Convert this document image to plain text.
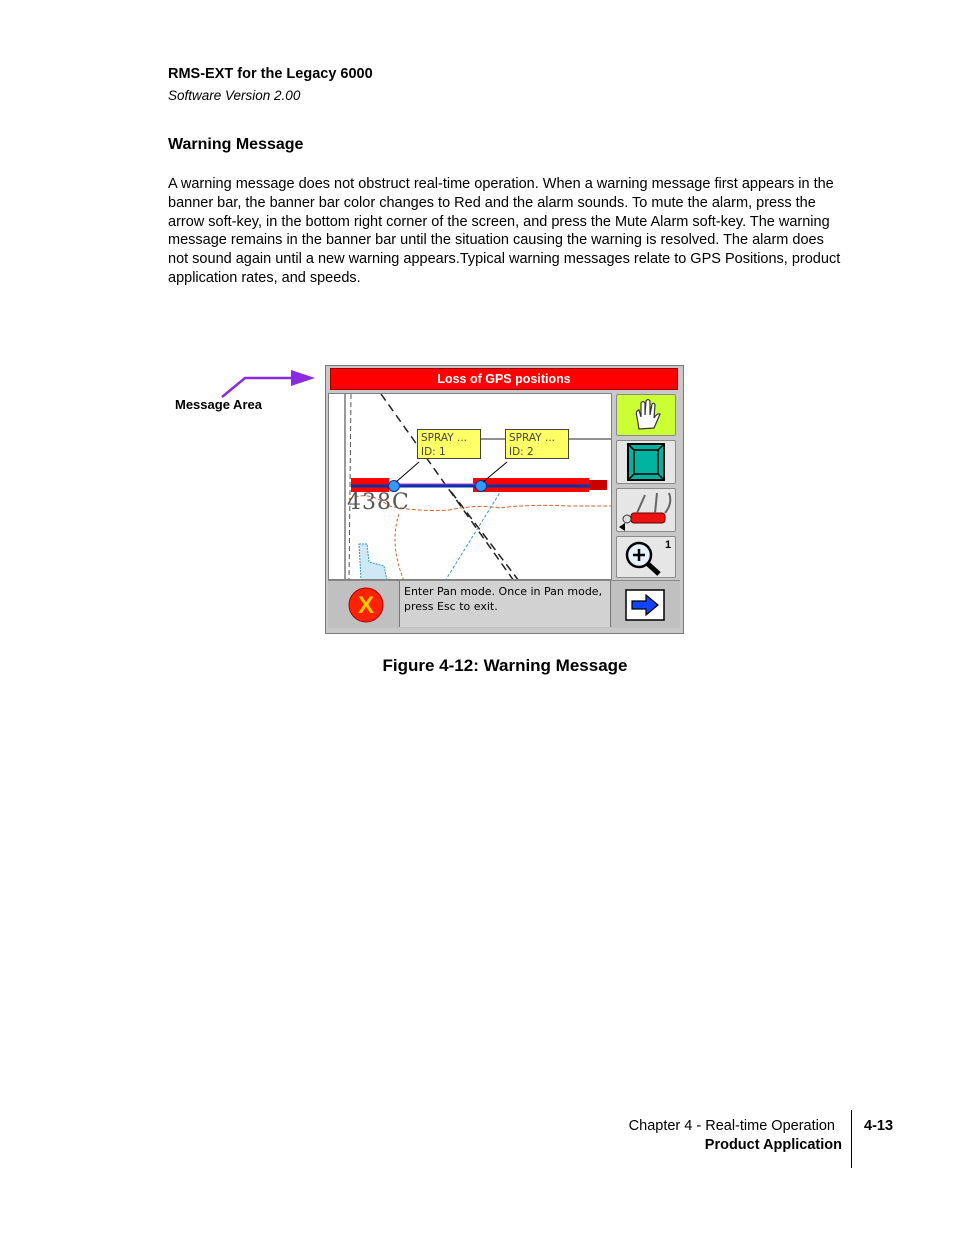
RMS-EXT for the Legacy 6000
Software Version 2.00
Warning Message
A warning message does not obstruct real-time operation. When a warning message first appears in the banner bar, the banner bar color changes to Red and the alarm sounds. To mute the alarm, press the arrow soft-key, in the bottom right corner of the screen, and press the Mute Alarm soft-key. The warning message remains in the banner bar until the situation causing the warning is resolved. The alarm does not sound again until a new warning appears.Typical warning messages relate to GPS Positions, product application rates, and speeds.
Message Area
Loss of GPS positions
438C
SPRAY ...
ID: 1
SPRAY ...
ID: 2
1
X
Enter Pan mode. Once in Pan mode, press Esc to exit.
Figure 4-12: Warning Message
Chapter 4 - Real-time Operation
Product Application
4-13
